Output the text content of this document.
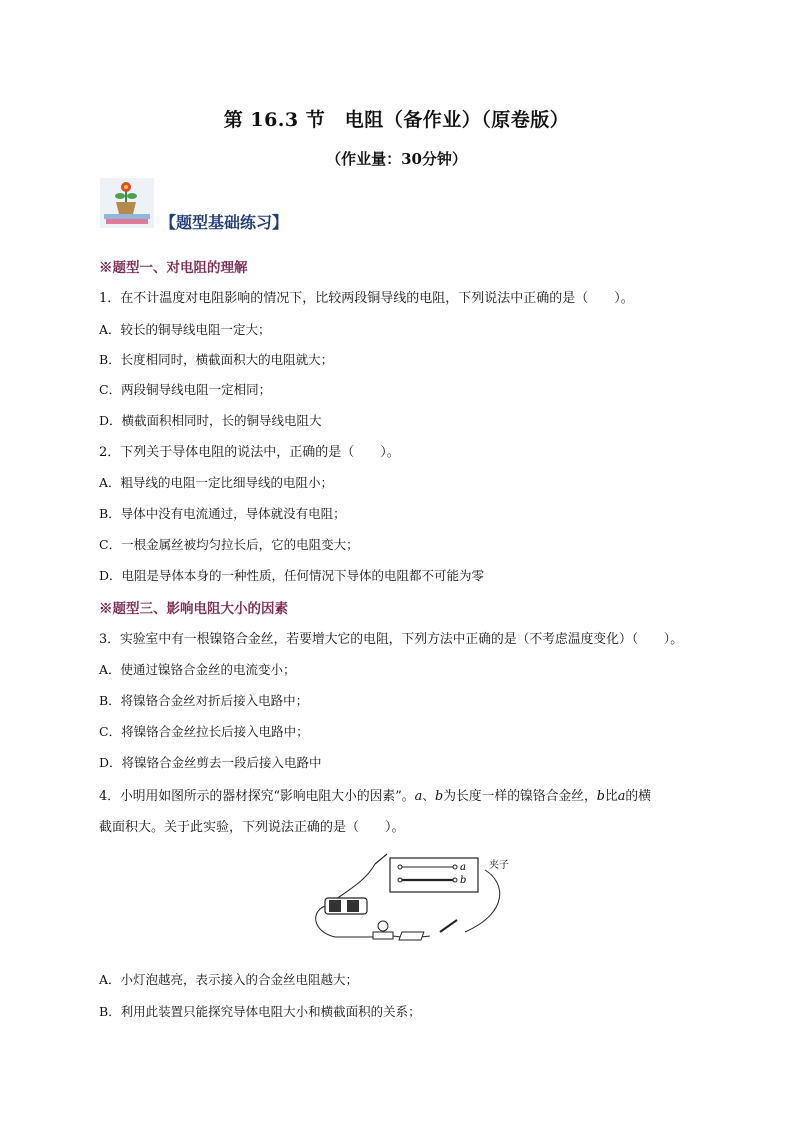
第 16.3 节　电阻（备作业）（原卷版）
（作业量：30分钟）
【题型基础练习】
※题型一、对电阻的理解
1．在不计温度对电阻影响的情况下，比较两段铜导线的电阻，下列说法中正确的是（　　）。
A．较长的铜导线电阻一定大；
B．长度相同时，横截面积大的电阻就大；
C．两段铜导线电阻一定相同；
D．横截面积相同时，长的铜导线电阻大
2．下列关于导体电阻的说法中，正确的是（　　）。
A．粗导线的电阻一定比细导线的电阻小；
B．导体中没有电流通过，导体就没有电阻；
C．一根金属丝被均匀拉长后，它的电阻变大；
D．电阻是导体本身的一种性质，任何情况下导体的电阻都不可能为零
※题型三、影响电阻大小的因素
3．实验室中有一根镍铬合金丝，若要增大它的电阻，下列方法中正确的是（不考虑温度变化）（　　）。
A．使通过镍铬合金丝的电流变小；
B．将镍铬合金丝对折后接入电路中；
C．将镍铬合金丝拉长后接入电路中；
D．将镍铬合金丝剪去一段后接入电路中
4．小明用如图所示的器材探究“影响电阻大小的因素”。a、b为长度一样的镍铬合金丝，b比a的横
截面积大。关于此实验，下列说法正确的是（　　）。
a
b
夹子
A．小灯泡越亮，表示接入的合金丝电阻越大；
B．利用此装置只能探究导体电阻大小和横截面积的关系；
